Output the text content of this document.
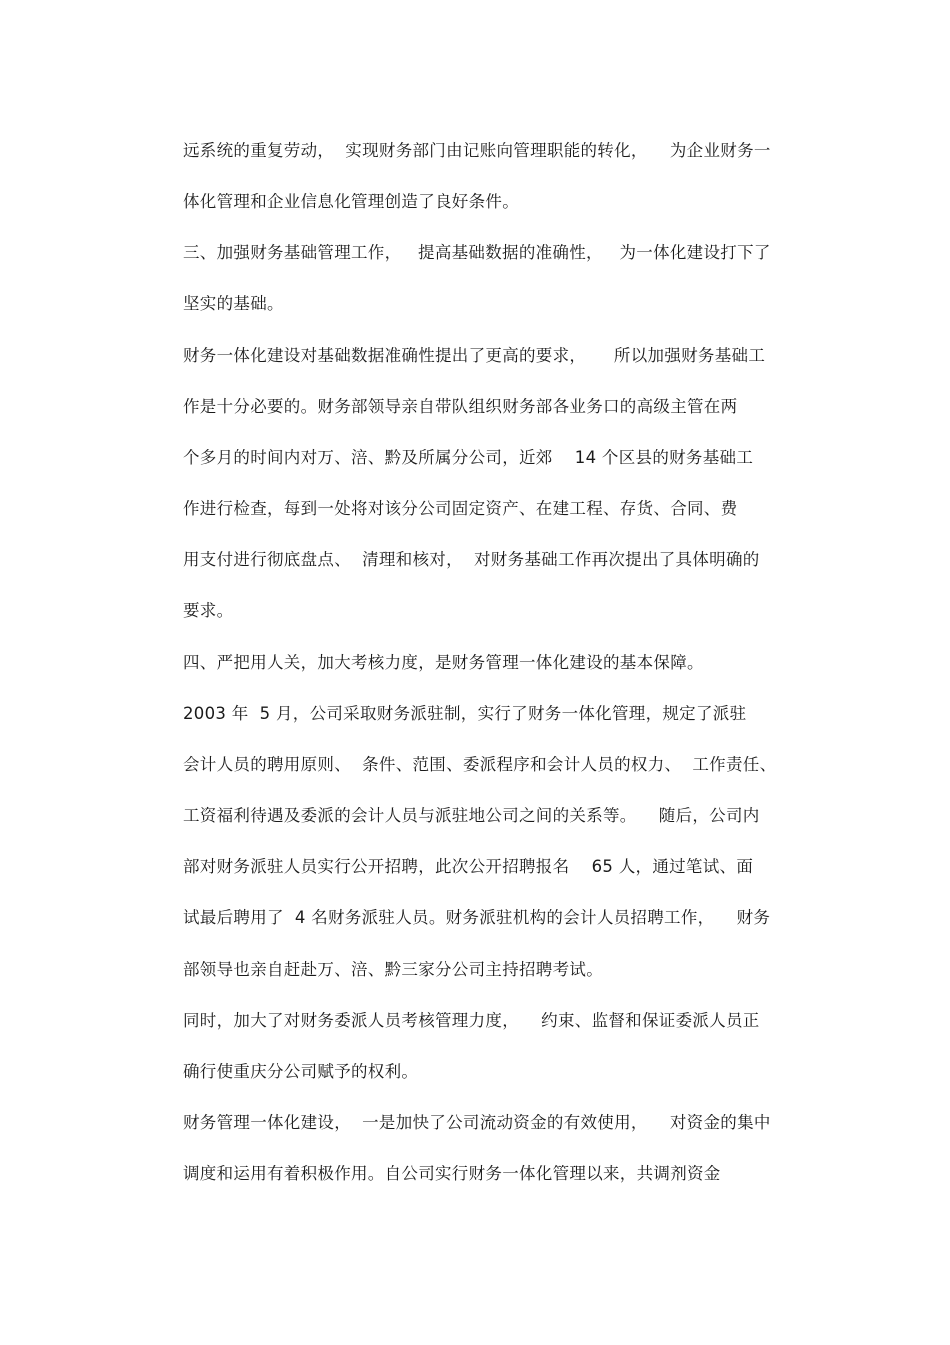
远系统的重复劳动，  实现财务部门由记账向管理职能的转化，    为企业财务一
体化管理和企业信息化管理创造了良好条件。
三、加强财务基础管理工作，   提高基础数据的准确性，   为一体化建设打下了
坚实的基础。
财务一体化建设对基础数据准确性提出了更高的要求，     所以加强财务基础工
作是十分必要的。财务部领导亲自带队组织财务部各业务口的高级主管在两
个多月的时间内对万、涪、黔及所属分公司，近郊    14 个区县的财务基础工
作进行检查，每到一处将对该分公司固定资产、在建工程、存货、合同、费
用支付进行彻底盘点、  清理和核对，  对财务基础工作再次提出了具体明确的
要求。
四、严把用人关，加大考核力度，是财务管理一体化建设的基本保障。
2003 年  5 月，公司采取财务派驻制，实行了财务一体化管理，规定了派驻
会计人员的聘用原则、  条件、范围、委派程序和会计人员的权力、  工作责任、
工资福利待遇及委派的会计人员与派驻地公司之间的关系等。    随后，公司内
部对财务派驻人员实行公开招聘，此次公开招聘报名    65 人，通过笔试、面
试最后聘用了  4 名财务派驻人员。财务派驻机构的会计人员招聘工作，    财务
部领导也亲自赶赴万、涪、黔三家分公司主持招聘考试。
同时，加大了对财务委派人员考核管理力度，    约束、监督和保证委派人员正
确行使重庆分公司赋予的权利。
财务管理一体化建设，  一是加快了公司流动资金的有效使用，    对资金的集中
调度和运用有着积极作用。自公司实行财务一体化管理以来，共调剂资金
